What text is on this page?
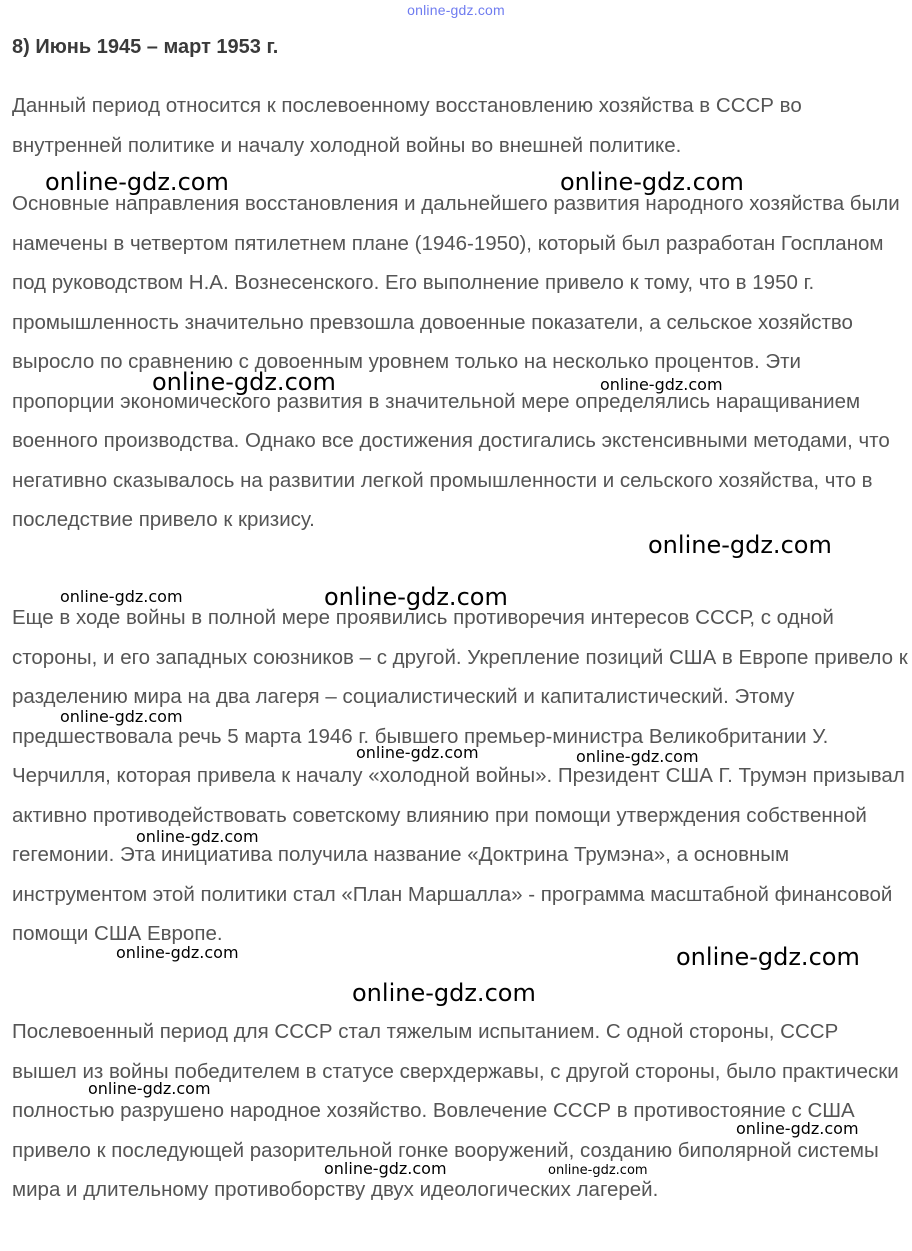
online-gdz.com
8) Июнь 1945 – март 1953 г.

Данный период относится к послевоенному восстановлению хозяйства в СССР во внутренней политике и началу холодной войны во внешней политике.

Основные направления восстановления и дальнейшего развития народного хозяйства были намечены в четвертом пятилетнем плане (1946-1950), который был разработан Госпланом под руководством Н.А. Вознесенского. Его выполнение привело к тому, что в 1950 г. промышленность значительно превзошла довоенные показатели, а сельское хозяйство выросло по сравнению с довоенным уровнем только на несколько процентов. Эти пропорции экономического развития в значительной мере определялись наращиванием военного производства. Однако все достижения достигались экстенсивными методами, что негативно сказывалось на развитии легкой промышленности и сельского хозяйства, что в последствие привело к кризису.

Еще в ходе войны в полной мере проявились противоречия интересов СССР, с одной стороны, и его западных союзников – с другой. Укрепление позиций США в Европе привело к разделению мира на два лагеря – социалистический и капиталистический. Этому предшествовала речь 5 марта 1946 г. бывшего премьер-министра Великобритании У. Черчилля, которая привела к началу «холодной войны». Президент США Г. Трумэн призывал активно противодействовать советскому влиянию при помощи утверждения собственной гегемонии. Эта инициатива получила название «Доктрина Трумэна», а основным инструментом этой политики стал «План Маршалла» - программа масштабной финансовой помощи США Европе.

Послевоенный период для СССР стал тяжелым испытанием. С одной стороны, СССР вышел из войны победителем в статусе сверхдержавы, с другой стороны, было практически полностью разрушено народное хозяйство. Вовлечение СССР в противостояние с США привело к последующей разорительной гонке вооружений, созданию биполярной системы мира и длительному противоборству двух идеологических лагерей.

online-gdz.com	online-gdz.com
online-gdz.com	online-gdz.com
online-gdz.com
online-gdz.com	online-gdz.com
online-gdz.com
online-gdz.com	online-gdz.com
online-gdz.com
online-gdz.com	online-gdz.com
online-gdz.com
online-gdz.com
online-gdz.com
online-gdz.com	online-gdz.com
